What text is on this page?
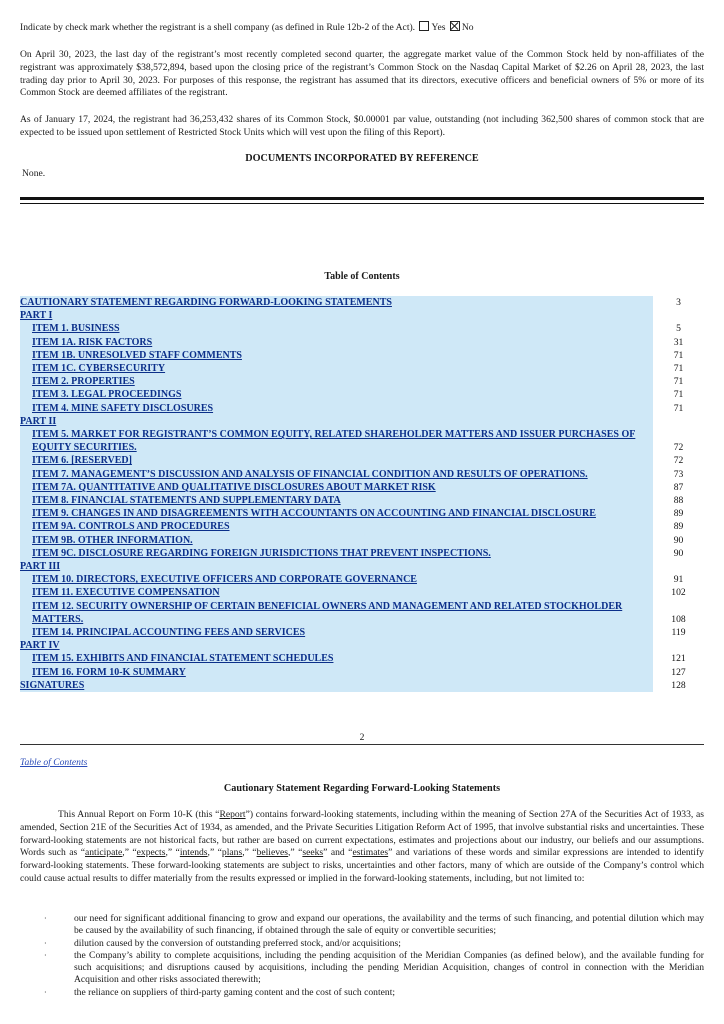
Indicate by check mark whether the registrant is a shell company (as defined in Rule 12b-2 of the Act). Yes No

On April 30, 2023, the last day of the registrant’s most recently completed second quarter, the aggregate market value of the Common Stock held by non-affiliates of the registrant was approximately $38,572,894, based upon the closing price of the registrant’s Common Stock on the Nasdaq Capital Market of $2.26 on April 28, 2023, the last trading day prior to April 30, 2023. For purposes of this response, the registrant has assumed that its directors, executive officers and beneficial owners of 5% or more of its Common Stock are deemed affiliates of the registrant.

As of January 17, 2024, the registrant had 36,253,432 shares of its Common Stock, $0.00001 par value, outstanding (not including 362,500 shares of common stock that are expected to be issued upon settlement of Restricted Stock Units which will vest upon the filing of this Report).

DOCUMENTS INCORPORATED BY REFERENCE
None.
Table of Contents
CAUTIONARY STATEMENT REGARDING FORWARD-LOOKING STATEMENTS	3
PART I
ITEM 1. BUSINESS	5
ITEM 1A. RISK FACTORS	31
ITEM 1B. UNRESOLVED STAFF COMMENTS	71
ITEM 1C. CYBERSECURITY	71
ITEM 2. PROPERTIES	71
ITEM 3. LEGAL PROCEEDINGS	71
ITEM 4. MINE SAFETY DISCLOSURES	71
PART II
ITEM 5. MARKET FOR REGISTRANT’S COMMON EQUITY, RELATED SHAREHOLDER MATTERS AND ISSUER PURCHASES OF EQUITY SECURITIES.	72
ITEM 6. [RESERVED]	72
ITEM 7. MANAGEMENT’S DISCUSSION AND ANALYSIS OF FINANCIAL CONDITION AND RESULTS OF OPERATIONS.	73
ITEM 7A. QUANTITATIVE AND QUALITATIVE DISCLOSURES ABOUT MARKET RISK	87
ITEM 8. FINANCIAL STATEMENTS AND SUPPLEMENTARY DATA	88
ITEM 9. CHANGES IN AND DISAGREEMENTS WITH ACCOUNTANTS ON ACCOUNTING AND FINANCIAL DISCLOSURE	89
ITEM 9A. CONTROLS AND PROCEDURES	89
ITEM 9B. OTHER INFORMATION.	90
ITEM 9C. DISCLOSURE REGARDING FOREIGN JURISDICTIONS THAT PREVENT INSPECTIONS.	90
PART III
ITEM 10. DIRECTORS, EXECUTIVE OFFICERS AND CORPORATE GOVERNANCE	91
ITEM 11. EXECUTIVE COMPENSATION	102
ITEM 12. SECURITY OWNERSHIP OF CERTAIN BENEFICIAL OWNERS AND MANAGEMENT AND RELATED STOCKHOLDER MATTERS.	108
ITEM 14. PRINCIPAL ACCOUNTING FEES AND SERVICES	119
PART IV
ITEM 15. EXHIBITS AND FINANCIAL STATEMENT SCHEDULES	121
ITEM 16. FORM 10-K SUMMARY	127
SIGNATURES	128
2
Table of Contents
Cautionary Statement Regarding Forward-Looking Statements

This Annual Report on Form 10-K (this “Report”) contains forward-looking statements, including within the meaning of Section 27A of the Securities Act of 1933, as amended, Section 21E of the Securities Act of 1934, as amended, and the Private Securities Litigation Reform Act of 1995, that involve substantial risks and uncertainties. These forward-looking statements are not historical facts, but rather are based on current expectations, estimates and projections about our industry, our beliefs and our assumptions. Words such as “anticipate,” “expects,” “intends,” “plans,” “believes,” “seeks” and “estimates” and variations of these words and similar expressions are intended to identify forward-looking statements. These forward-looking statements are subject to risks, uncertainties and other factors, many of which are outside of the Company’s control which could cause actual results to differ materially from the results expressed or implied in the forward-looking statements, including, but not limited to:

·	our need for significant additional financing to grow and expand our operations, the availability and the terms of such financing, and potential dilution which may be caused by the availability of such financing, if obtained through the sale of equity or convertible securities;
·	dilution caused by the conversion of outstanding preferred stock, and/or acquisitions;
·	the Company’s ability to complete acquisitions, including the pending acquisition of the Meridian Companies (as defined below), and the available funding for such acquisitions; and disruptions caused by acquisitions, including the pending Meridian Acquisition, changes of control in connection with the Meridian Acquisition and other risks associated therewith;
·	the reliance on suppliers of third-party gaming content and the cost of such content;
